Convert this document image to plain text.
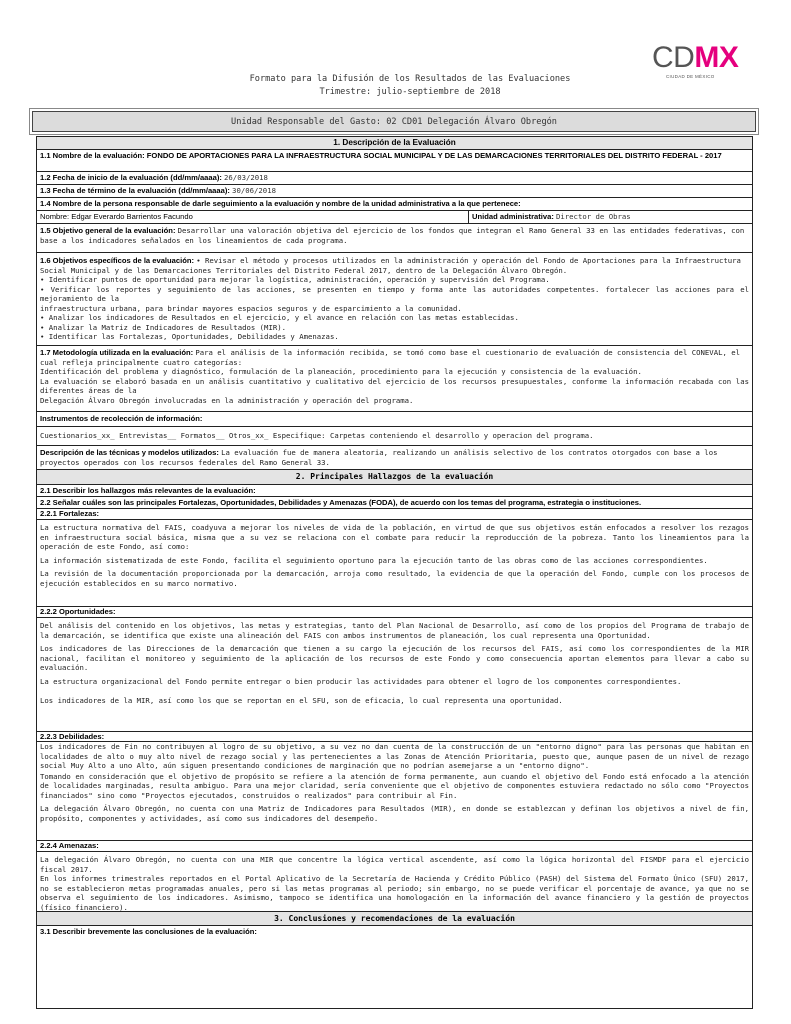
CDMX
CIUDAD DE MÉXICO
Formato para la Difusión de los Resultados de las Evaluaciones
Trimestre: julio-septiembre de 2018
Unidad Responsable del Gasto: 02 CD01 Delegación Álvaro Obregón
1. Descripción de la Evaluación
1.1 Nombre de la evaluación: FONDO DE APORTACIONES PARA LA INFRAESTRUCTURA SOCIAL MUNICIPAL Y DE LAS DEMARCACIONES TERRITORIALES DEL DISTRITO FEDERAL - 2017
1.2 Fecha de inicio de la evaluación (dd/mm/aaaa): 26/03/2018
1.3 Fecha de término de la evaluación (dd/mm/aaaa): 30/06/2018
1.4 Nombre de la persona responsable de darle seguimiento a la evaluación y nombre de la unidad administrativa a la que pertenece:
Nombre: Edgar Everardo Barrientos Facundo	Unidad administrativa: Director de Obras
1.5 Objetivo general de la evaluación: Desarrollar una valoración objetiva del ejercicio de los fondos que integran el Ramo General 33 en las entidades federativas, con base a los indicadores señalados en los lineamientos de cada programa.
1.6 Objetivos específicos de la evaluación: • Revisar el método y procesos utilizados en la administración y operación del Fondo de Aportaciones para la Infraestructura Social Municipal y de las Demarcaciones Territoriales del Distrito Federal 2017, dentro de la Delegación Álvaro Obregón.
• Identificar puntos de oportunidad para mejorar la logística, administración, operación y supervisión del Programa.
• Verificar los reportes y seguimiento de las acciones, se presenten en tiempo y forma ante las autoridades competentes. fortalecer las acciones para el mejoramiento de la
infraestructura urbana, para brindar mayores espacios seguros y de esparcimiento a la comunidad.
• Analizar los indicadores de Resultados en el ejercicio, y el avance en relación con las metas establecidas.
• Analizar la Matriz de Indicadores de Resultados (MIR).
• Identificar las Fortalezas, Oportunidades, Debilidades y Amenazas.
1.7 Metodología utilizada en la evaluación: Para el análisis de la información recibida, se tomó como base el cuestionario de evaluación de consistencia del CONEVAL, el cual refleja principalmente cuatro categorías:
Identificación del problema y diagnóstico, formulación de la planeación, procedimiento para la ejecución y consistencia de la evaluación.
La evaluación se elaboró basada en un análisis cuantitativo y cualitativo del ejercicio de los recursos presupuestales, conforme la información recabada con las diferentes áreas de la
Delegación Álvaro Obregón involucradas en la administración y operación del programa.
Instrumentos de recolección de información:
Cuestionarios_xx_ Entrevistas__ Formatos__ Otros_xx_ Especifique: Carpetas conteniendo el desarrollo y operacion del programa.
Descripción de las técnicas y modelos utilizados: La evaluación fue de manera aleatoria, realizando un análisis selectivo de los contratos otorgados con base a los proyectos operados con los recursos federales del Ramo General 33.
2. Principales Hallazgos de la evaluación
2.1 Describir los hallazgos más relevantes de la evaluación:
2.2 Señalar cuáles son las principales Fortalezas, Oportunidades, Debilidades y Amenazas (FODA), de acuerdo con los temas del programa, estrategia o instituciones.
2.2.1 Fortalezas:
La estructura normativa del FAIS, coadyuva a mejorar los niveles de vida de la población, en virtud de que sus objetivos están enfocados a resolver los rezagos en infraestructura social básica, misma que a su vez se relaciona con el combate para reducir la reproducción de la pobreza. Tanto los lineamientos para la operación de este Fondo, así como:
La información sistematizada de este Fondo, facilita el seguimiento oportuno para la ejecución tanto de las obras como de las acciones correspondientes.
La revisión de la documentación proporcionada por la demarcación, arroja como resultado, la evidencia de que la operación del Fondo, cumple con los procesos de ejecución establecidos en su marco normativo.
2.2.2 Oportunidades:
Del análisis del contenido en los objetivos, las metas y estrategias, tanto del Plan Nacional de Desarrollo, así como de los propios del Programa de trabajo de la demarcación, se identifica que existe una alineación del FAIS con ambos instrumentos de planeación, los cual representa una Oportunidad.
Los indicadores de las Direcciones de la demarcación que tienen a su cargo la ejecución de los recursos del FAIS, así como los correspondientes de la MIR nacional, facilitan el monitoreo y seguimiento de la aplicación de los recursos de este Fondo y como consecuencia aportan elementos para llevar a cabo su evaluación.
La estructura organizacional del Fondo permite entregar o bien producir las actividades para obtener el logro de los componentes correspondientes.
Los indicadores de la MIR, así como los que se reportan en el SFU, son de eficacia, lo cual representa una oportunidad.
2.2.3 Debilidades:
Los indicadores de Fin no contribuyen al logro de su objetivo, a su vez no dan cuenta de la construcción de un "entorno digno" para las personas que habitan en localidades de alto o muy alto nivel de rezago social y las pertenecientes a las Zonas de Atención Prioritaria, puesto que, aunque pasen de un nivel de rezago social Muy Alto a uno Alto, aún siguen presentando condiciones de marginación que no podrían asemejarse a un "entorno digno".
Tomando en consideración que el objetivo de propósito se refiere a la atención de forma permanente, aun cuando el objetivo del Fondo está enfocado a la atención de localidades marginadas, resulta ambiguo. Para una mejor claridad, sería conveniente que el objetivo de componentes estuviera redactado no sólo como "Proyectos financiados" sino como "Proyectos ejecutados, construidos o realizados" para contribuir al Fin.
La delegación Álvaro Obregón, no cuenta con una Matriz de Indicadores para Resultados (MIR), en donde se establezcan y definan los objetivos a nivel de fin, propósito, componentes y actividades, así como sus indicadores del desempeño.
2.2.4 Amenazas:
La delegación Álvaro Obregón, no cuenta con una MIR que concentre la lógica vertical ascendente, así como la lógica horizontal del FISMDF para el ejercicio fiscal 2017.
En los informes trimestrales reportados en el Portal Aplicativo de la Secretaría de Hacienda y Crédito Público (PASH) del Sistema del Formato Único (SFU) 2017, no se establecieron metas programadas anuales, pero si las metas programas al periodo; sin embargo, no se puede verificar el porcentaje de avance, ya que no se observa el seguimiento de los indicadores. Asimismo, tampoco se identifica una homologación en la información del avance financiero y la gestión de proyectos (físico financiero).
3. Conclusiones y recomendaciones de la evaluación
3.1 Describir brevemente las conclusiones de la evaluación:
